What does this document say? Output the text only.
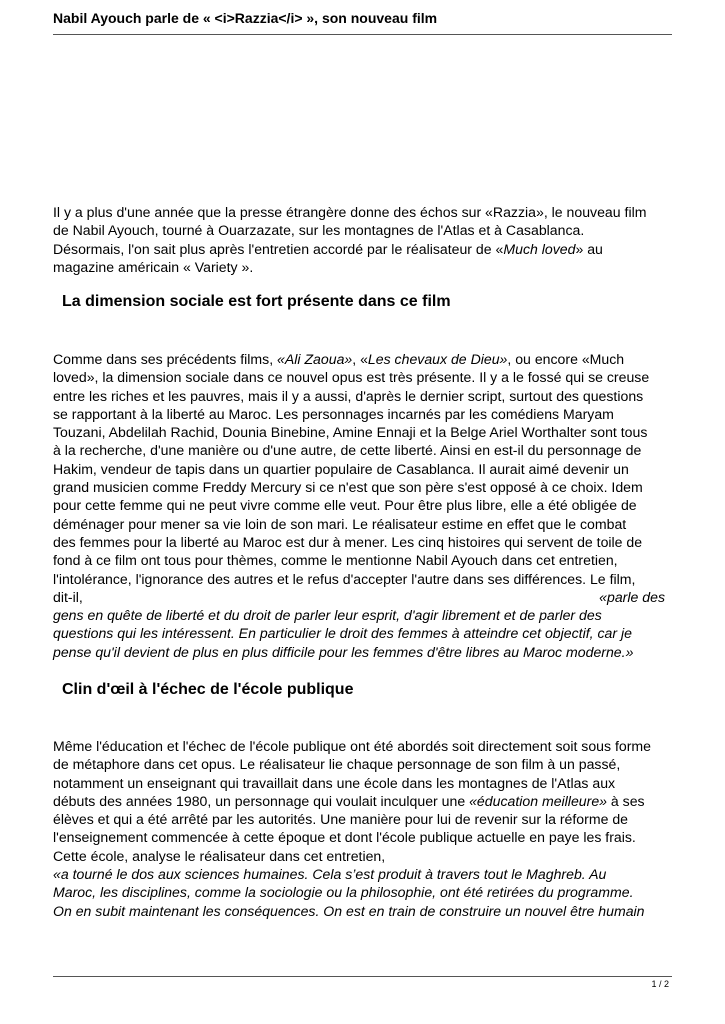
Nabil Ayouch parle de « <i>Razzia</i> », son nouveau film
Il y a plus d'une année que la presse étrangère donne des échos sur «Razzia», le nouveau film
de Nabil Ayouch, tourné à Ouarzazate, sur les montagnes de l'Atlas et à Casablanca.
Désormais, l'on sait plus après l'entretien accordé par le réalisateur de «Much loved» au
magazine américain « Variety ».
La dimension sociale est fort présente dans ce film
Comme dans ses précédents films, «Ali Zaoua», «Les chevaux de Dieu», ou encore «Much
loved», la dimension sociale dans ce nouvel opus est très présente. Il y a le fossé qui se creuse
entre les riches et les pauvres, mais il y a aussi, d'après le dernier script, surtout des questions
se rapportant à la liberté au Maroc. Les personnages incarnés par les comédiens Maryam
Touzani, Abdelilah Rachid, Dounia Binebine, Amine Ennaji et la Belge Ariel Worthalter sont tous
à la recherche, d'une manière ou d'une autre, de cette liberté. Ainsi en est-il du personnage de
Hakim, vendeur de tapis dans un quartier populaire de Casablanca. Il aurait aimé devenir un
grand musicien comme Freddy Mercury si ce n'est que son père s'est opposé à ce choix. Idem
pour cette femme qui ne peut vivre comme elle veut. Pour être plus libre, elle a été obligée de
déménager pour mener sa vie loin de son mari. Le réalisateur estime en effet que le combat
des femmes pour la liberté au Maroc est dur à mener. Les cinq histoires qui servent de toile de
fond à ce film ont tous pour thèmes, comme le mentionne Nabil Ayouch dans cet entretien,
l'intolérance, l'ignorance des autres et le refus d'accepter l'autre dans ses différences. Le film,
dit-il,	«parle des
gens en quête de liberté et du droit de parler leur esprit, d'agir librement et de parler des
questions qui les intéressent. En particulier le droit des femmes à atteindre cet objectif, car je
pense qu'il devient de plus en plus difficile pour les femmes d'être libres au Maroc moderne.»
Clin d'œil à l'échec de l'école publique
Même l'éducation et l'échec de l'école publique ont été abordés soit directement soit sous forme
de métaphore dans cet opus. Le réalisateur lie chaque personnage de son film à un passé,
notamment un enseignant qui travaillait dans une école dans les montagnes de l'Atlas aux
débuts des années 1980, un personnage qui voulait inculquer une «éducation meilleure» à ses
élèves et qui a été arrêté par les autorités. Une manière pour lui de revenir sur la réforme de
l'enseignement commencée à cette époque et dont l'école publique actuelle en paye les frais.
Cette école, analyse le réalisateur dans cet entretien,
«a tourné le dos aux sciences humaines. Cela s’est produit à travers tout le Maghreb. Au
Maroc, les disciplines, comme la sociologie ou la philosophie, ont été retirées du programme.
On en subit maintenant les conséquences. On est en train de construire un nouvel être humain
1 / 2
